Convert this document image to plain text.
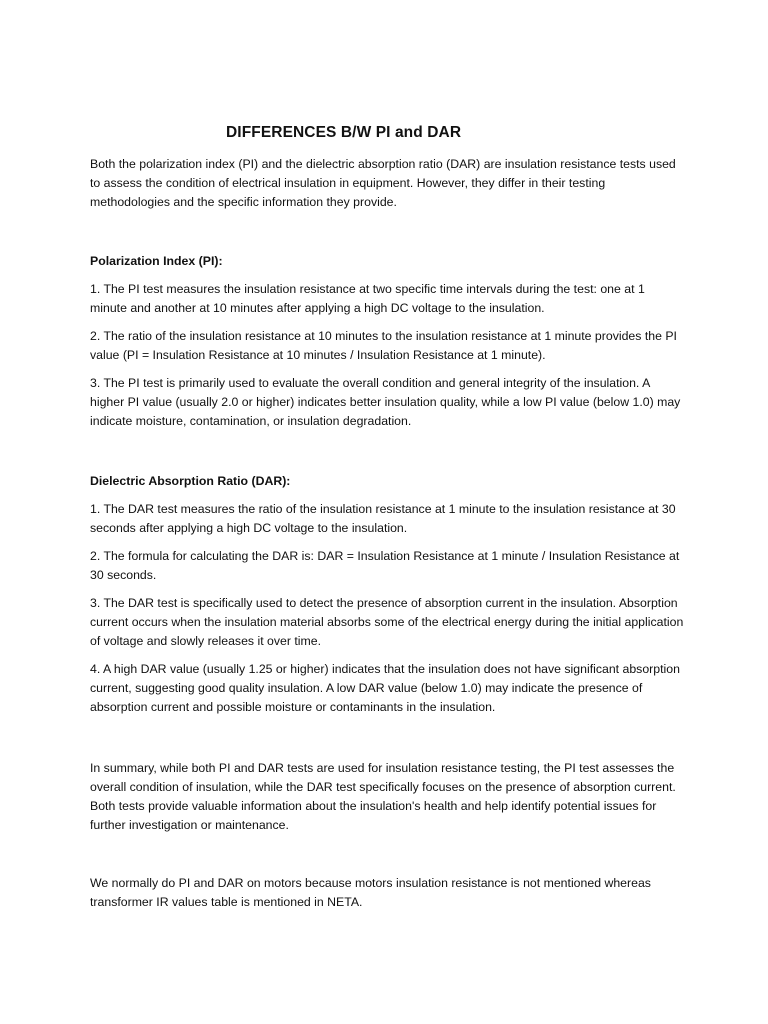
DIFFERENCES B/W PI and DAR

Both the polarization index (PI) and the dielectric absorption ratio (DAR) are insulation resistance tests used to assess the condition of electrical insulation in equipment. However, they differ in their testing methodologies and the specific information they provide.

Polarization Index (PI):

1. The PI test measures the insulation resistance at two specific time intervals during the test: one at 1 minute and another at 10 minutes after applying a high DC voltage to the insulation.

2. The ratio of the insulation resistance at 10 minutes to the insulation resistance at 1 minute provides the PI value (PI = Insulation Resistance at 10 minutes / Insulation Resistance at 1 minute).

3. The PI test is primarily used to evaluate the overall condition and general integrity of the insulation. A higher PI value (usually 2.0 or higher) indicates better insulation quality, while a low PI value (below 1.0) may indicate moisture, contamination, or insulation degradation.

Dielectric Absorption Ratio (DAR):

1. The DAR test measures the ratio of the insulation resistance at 1 minute to the insulation resistance at 30 seconds after applying a high DC voltage to the insulation.

2. The formula for calculating the DAR is: DAR = Insulation Resistance at 1 minute / Insulation Resistance at 30 seconds.

3. The DAR test is specifically used to detect the presence of absorption current in the insulation. Absorption current occurs when the insulation material absorbs some of the electrical energy during the initial application of voltage and slowly releases it over time.

4. A high DAR value (usually 1.25 or higher) indicates that the insulation does not have significant absorption current, suggesting good quality insulation. A low DAR value (below 1.0) may indicate the presence of absorption current and possible moisture or contaminants in the insulation.

In summary, while both PI and DAR tests are used for insulation resistance testing, the PI test assesses the overall condition of insulation, while the DAR test specifically focuses on the presence of absorption current. Both tests provide valuable information about the insulation's health and help identify potential issues for further investigation or maintenance.

We normally do PI and DAR on motors because motors insulation resistance is not mentioned whereas transformer IR values table is mentioned in NETA.
